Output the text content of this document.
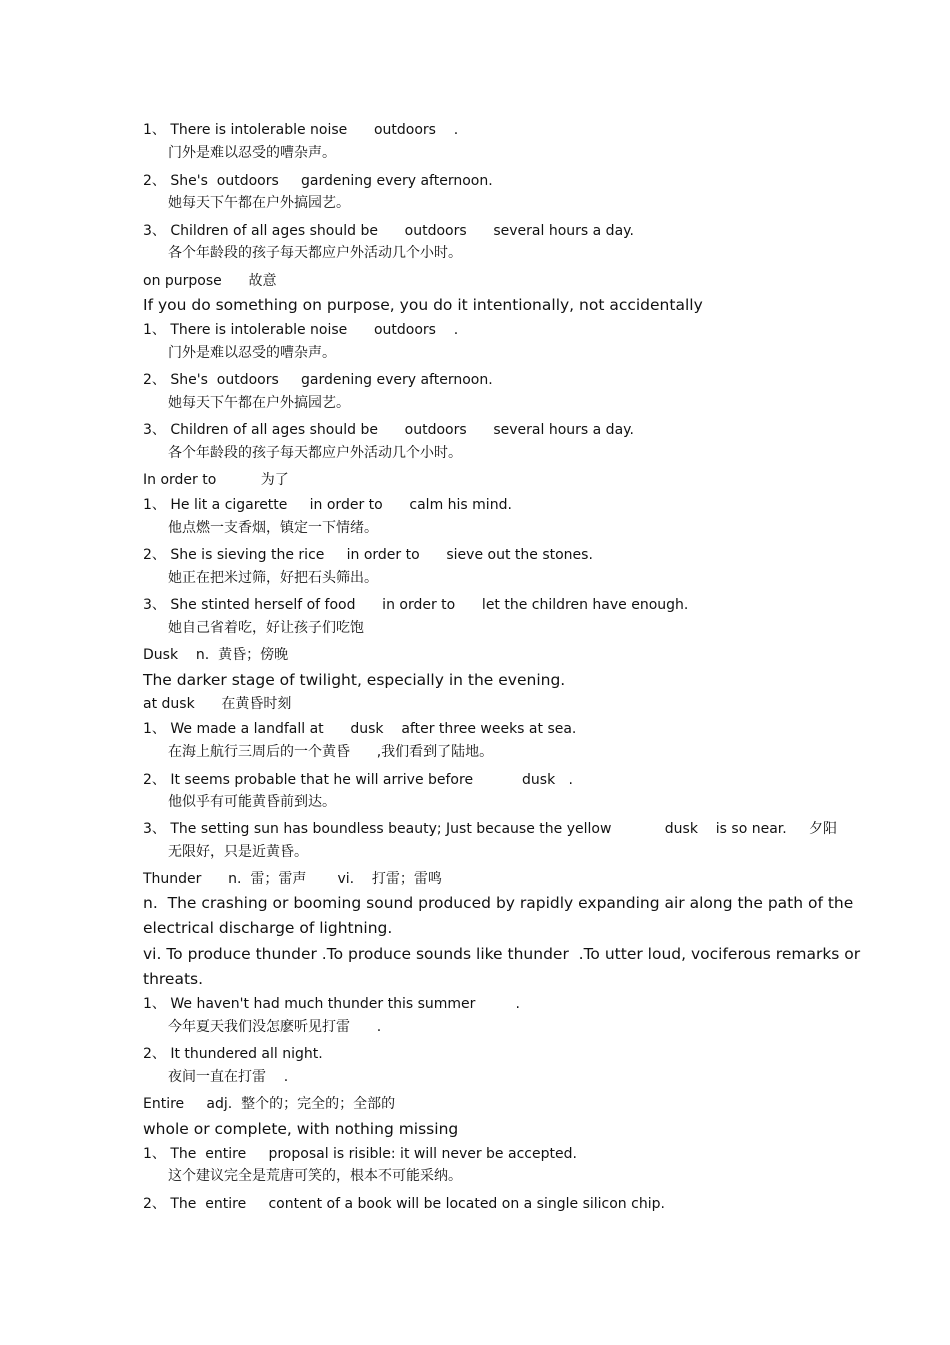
1、 There is intolerable noise      outdoors    .
门外是难以忍受的嘈杂声。
2、 She's  outdoors     gardening every afternoon.
她每天下午都在户外搞园艺。
3、 Children of all ages should be      outdoors      several hours a day.
各个年龄段的孩子每天都应户外活动几个小时。
on purpose      故意
If you do something on purpose, you do it intentionally, not accidentally
1、 There is intolerable noise      outdoors    .
门外是难以忍受的嘈杂声。
2、 She's  outdoors     gardening every afternoon.
她每天下午都在户外搞园艺。
3、 Children of all ages should be      outdoors      several hours a day.
各个年龄段的孩子每天都应户外活动几个小时。
In order to          为了
1、 He lit a cigarette     in order to      calm his mind.
他点燃一支香烟，镇定一下情绪。
2、 She is sieving the rice     in order to      sieve out the stones.
她正在把米过筛，好把石头筛出。
3、 She stinted herself of food      in order to      let the children have enough.
她自己省着吃，好让孩子们吃饱
Dusk    n.  黄昏；傍晚
The darker stage of twilight, especially in the evening.
at dusk      在黄昏时刻
1、 We made a landfall at      dusk    after three weeks at sea.
在海上航行三周后的一个黄昏      ,我们看到了陆地。
2、 It seems probable that he will arrive before           dusk   .
他似乎有可能黄昏前到达。
3、 The setting sun has boundless beauty; Just because the yellow            dusk    is so near.     夕阳
无限好，只是近黄昏。
Thunder      n.  雷；雷声       vi.    打雷；雷鸣
n.  The crashing or booming sound produced by rapidly expanding air along the path of the
electrical discharge of lightning.
vi. To produce thunder .To produce sounds like thunder  .To utter loud, vociferous remarks or
threats.
1、 We haven't had much thunder this summer         .
今年夏天我们没怎麽听见打雷      .
2、 It thundered all night.
夜间一直在打雷    .
Entire     adj.  整个的；完全的；全部的
whole or complete, with nothing missing
1、 The  entire     proposal is risible: it will never be accepted.
这个建议完全是荒唐可笑的，根本不可能采纳。
2、 The  entire     content of a book will be located on a single silicon chip.
